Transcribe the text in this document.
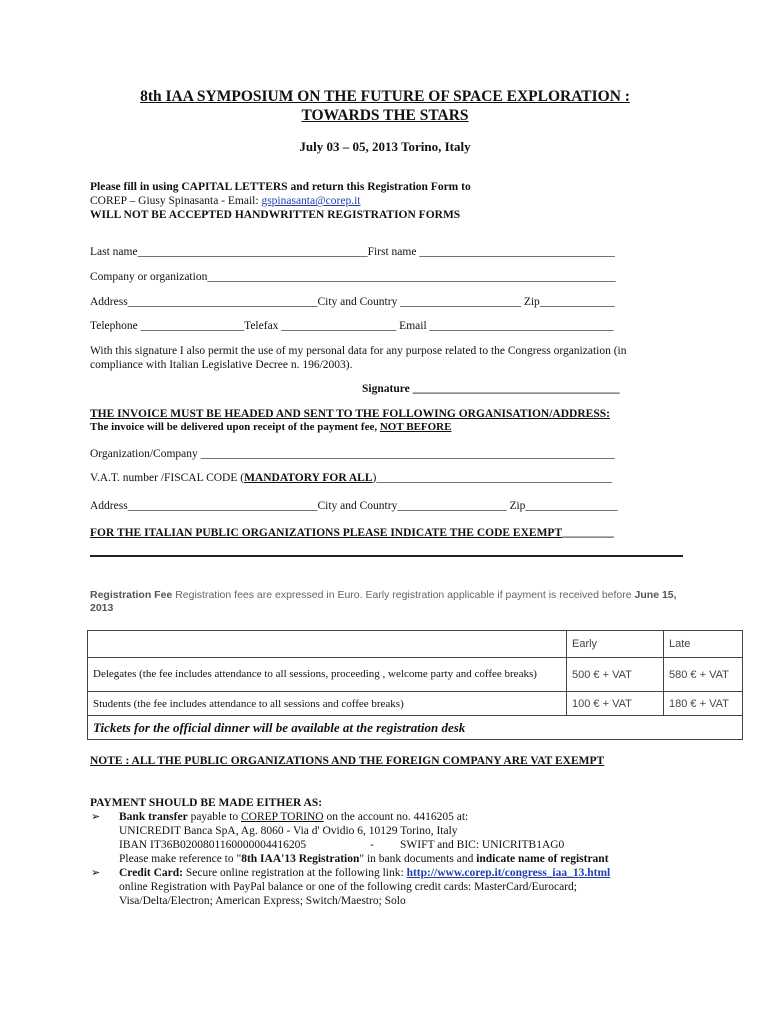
8th IAA SYMPOSIUM ON THE FUTURE OF SPACE EXPLORATION :
TOWARDS THE STARS
July 03 – 05, 2013 Torino, Italy
Please fill in using CAPITAL LETTERS and return this Registration Form to
COREP – Giusy Spinasanta - Email: gspinasanta@corep.it
WILL NOT BE ACCEPTED HANDWRITTEN REGISTRATION FORMS
Last name________________________________________First name __________________________________
Company or organization_______________________________________________________________________
Address_________________________________City and Country _____________________ Zip_____________
Telephone __________________Telefax ____________________ Email ________________________________
With this signature I also permit the use of my personal data for any purpose related to the Congress organization (in
compliance with Italian Legislative Decree n. 196/2003).
Signature ____________________________________
THE INVOICE MUST BE HEADED AND SENT TO THE FOLLOWING ORGANISATION/ADDRESS:
The invoice will be delivered upon receipt of the payment fee, NOT BEFORE
Organization/Company ________________________________________________________________________
V.A.T. number /FISCAL CODE (MANDATORY FOR ALL)_________________________________________
Address_________________________________City and Country___________________ Zip________________
FOR THE ITALIAN PUBLIC ORGANIZATIONS PLEASE INDICATE THE CODE EXEMPT_________
Registration Fee Registration fees are expressed in Euro. Early registration applicable if payment is received before June 15,
2013
	Early	Late
Delegates (the fee includes attendance to all sessions, proceeding , welcome party and coffee breaks)	500 € + VAT	580 € + VAT
Students (the fee includes attendance to all sessions and coffee breaks)	100 € + VAT	180 € + VAT
Tickets for the official dinner will be available at the registration desk		
NOTE : ALL THE PUBLIC ORGANIZATIONS AND THE FOREIGN COMPANY ARE VAT EXEMPT
PAYMENT SHOULD BE MADE EITHER AS:
➢ Bank transfer payable to COREP TORINO on the account no. 4416205 at:
UNICREDIT Banca SpA, Ag. 8060 - Via d' Ovidio 6, 10129 Torino, Italy
IBAN IT36B0200801160000004416205	- SWIFT and BIC: UNICRITB1AG0
Please make reference to "8th IAA'13 Registration" in bank documents and indicate name of registrant
➢ Credit Card: Secure online registration at the following link: http://www.corep.it/congress_iaa_13.html
online Registration with PayPal balance or one of the following credit cards: MasterCard/Eurocard;
Visa/Delta/Electron; American Express; Switch/Maestro; Solo
